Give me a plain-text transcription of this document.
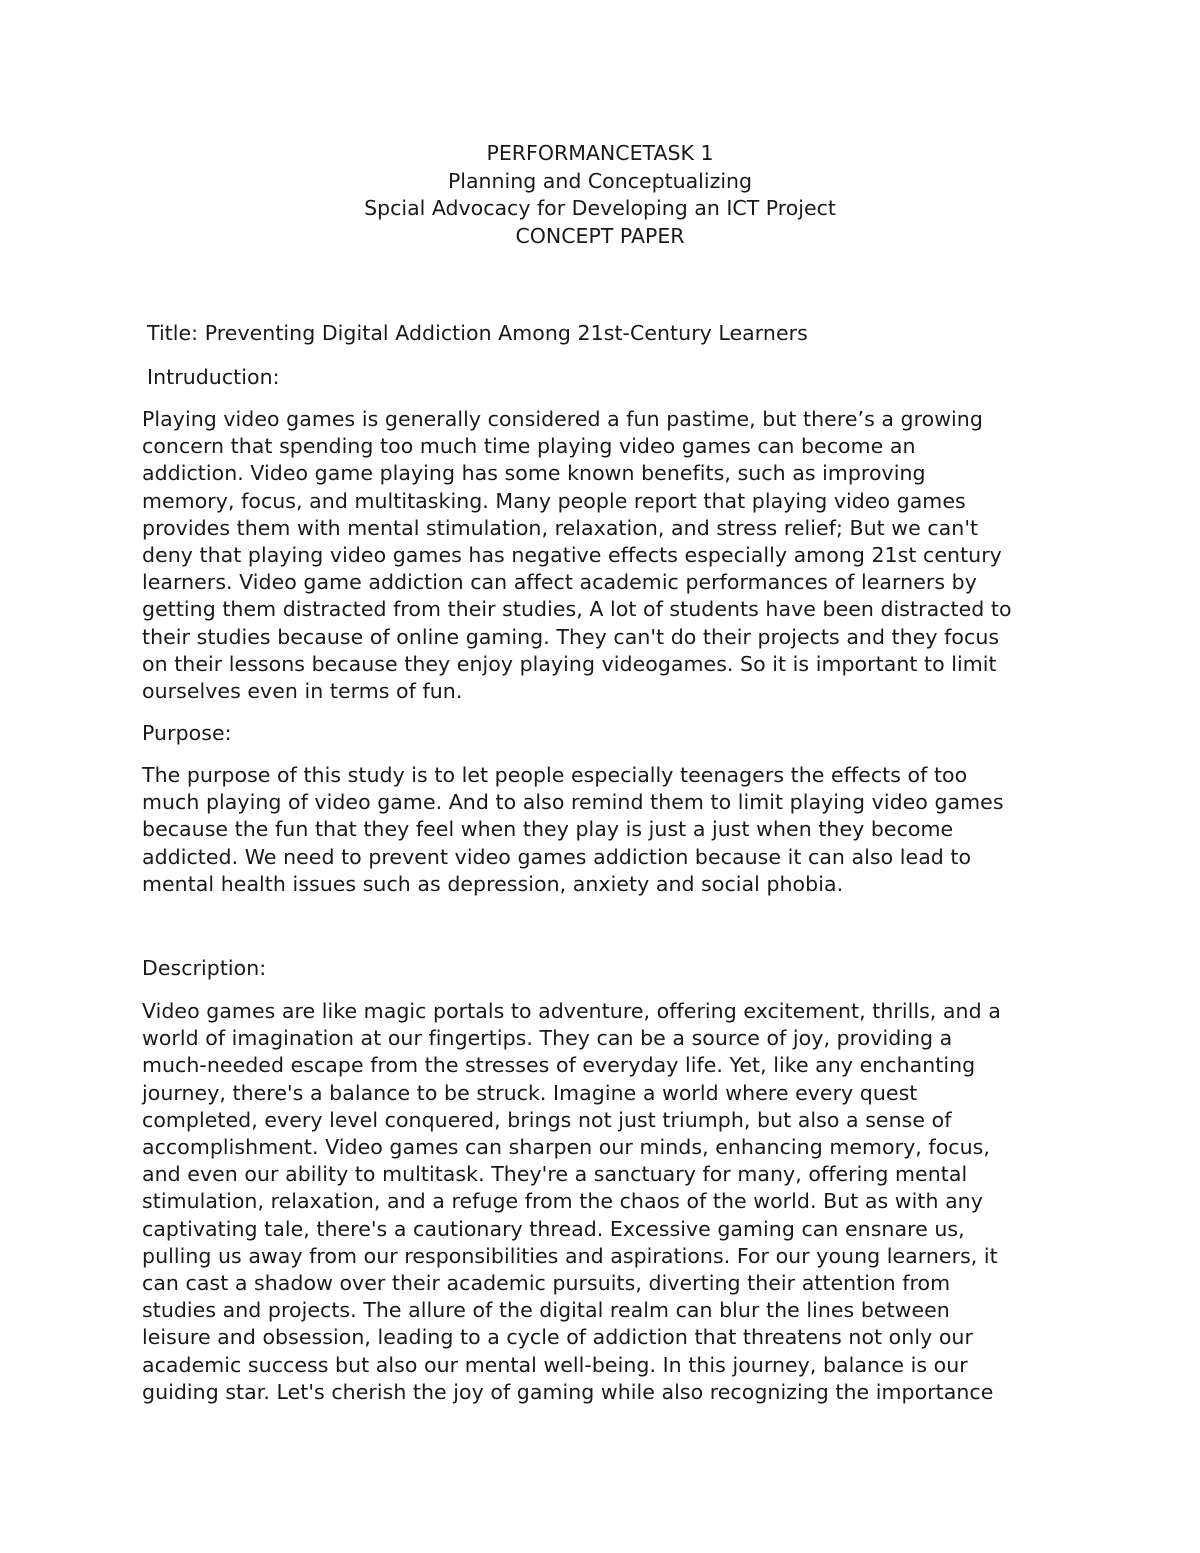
PERFORMANCETASK 1
Planning and Conceptualizing
Spcial Advocacy for Developing an ICT Project
CONCEPT PAPER
Title: Preventing Digital Addiction Among 21st-Century Learners
Intruduction:
Playing video games is generally considered a fun pastime, but there’s a growing
concern that spending too much time playing video games can become an
addiction. Video game playing has some known benefits, such as improving
memory, focus, and multitasking. Many people report that playing video games
provides them with mental stimulation, relaxation, and stress relief; But we can't
deny that playing video games has negative effects especially among 21st century
learners. Video game addiction can affect academic performances of learners by
getting them distracted from their studies, A lot of students have been distracted to
their studies because of online gaming. They can't do their projects and they focus
on their lessons because they enjoy playing videogames. So it is important to limit
ourselves even in terms of fun.
Purpose:
The purpose of this study is to let people especially teenagers the effects of too
much playing of video game. And to also remind them to limit playing video games
because the fun that they feel when they play is just a just when they become
addicted. We need to prevent video games addiction because it can also lead to
mental health issues such as depression, anxiety and social phobia.
Description:
Video games are like magic portals to adventure, offering excitement, thrills, and a
world of imagination at our fingertips. They can be a source of joy, providing a
much-needed escape from the stresses of everyday life. Yet, like any enchanting
journey, there's a balance to be struck. Imagine a world where every quest
completed, every level conquered, brings not just triumph, but also a sense of
accomplishment. Video games can sharpen our minds, enhancing memory, focus,
and even our ability to multitask. They're a sanctuary for many, offering mental
stimulation, relaxation, and a refuge from the chaos of the world. But as with any
captivating tale, there's a cautionary thread. Excessive gaming can ensnare us,
pulling us away from our responsibilities and aspirations. For our young learners, it
can cast a shadow over their academic pursuits, diverting their attention from
studies and projects. The allure of the digital realm can blur the lines between
leisure and obsession, leading to a cycle of addiction that threatens not only our
academic success but also our mental well-being. In this journey, balance is our
guiding star. Let's cherish the joy of gaming while also recognizing the importance
